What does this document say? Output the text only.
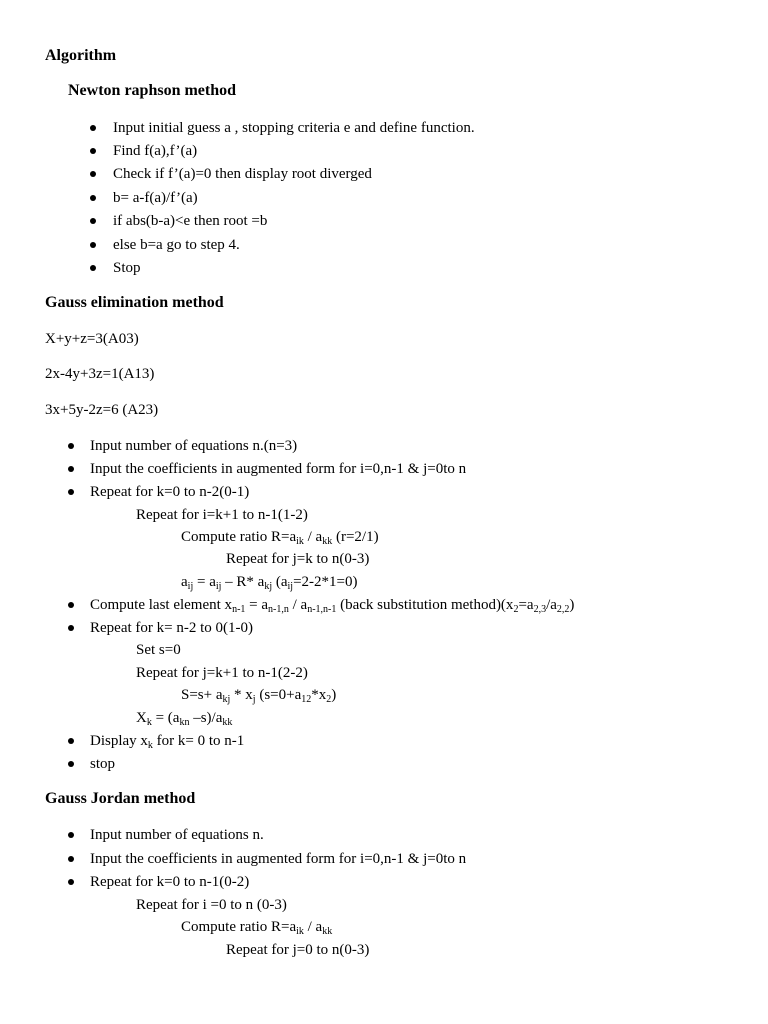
Algorithm
Newton raphson method
Input initial guess a , stopping criteria e and define function.
Find f(a),f’(a)
Check if f’(a)=0 then display root diverged
b= a-f(a)/f’(a)
if abs(b-a)<e then root =b
else b=a go to step 4.
Stop
Gauss elimination method
X+y+z=3(A03)
2x-4y+3z=1(A13)
3x+5y-2z=6 (A23)
Input number of equations n.(n=3)
Input the coefficients in augmented form for i=0,n-1 & j=0to n
Repeat for k=0 to n-2(0-1)
Repeat for i=k+1 to n-1(1-2)
Compute ratio $R=a_{ik} / a_{kk}$ (r=2/1)
Repeat for j=k to n(0-3)
$a_{ij} = a_{ij} - R*$ $a_{kj}$ $(a_{ij}=2-2*1=0)$
Compute last element $x_{n-1} = a_{n-1,n} / a_{n-1,n-1}$ (back substitution $method)(x_2=a_{2,3}/a_{2,2})$
Repeat for k= n-2 to 0(1-0)
Set s=0
Repeat for j=k+1 to n-1(2-2)
$S=s+ a_{kj} * x_j$ $(s=0+a_{12}*x_2)$
$X_k = (a_{kn}$ $-s)/a_{kk}$
Display $x_k$ for k= 0 to n-1
stop
Gauss Jordan method
Input number of equations n.
Input the coefficients in augmented form for i=0,n-1 & j=0to n
Repeat for k=0 to n-1(0-2)
Repeat for i =0 to n (0-3)
Compute ratio $R=a_{ik} / a_{kk}$
Repeat for j=0 to n(0-3)
